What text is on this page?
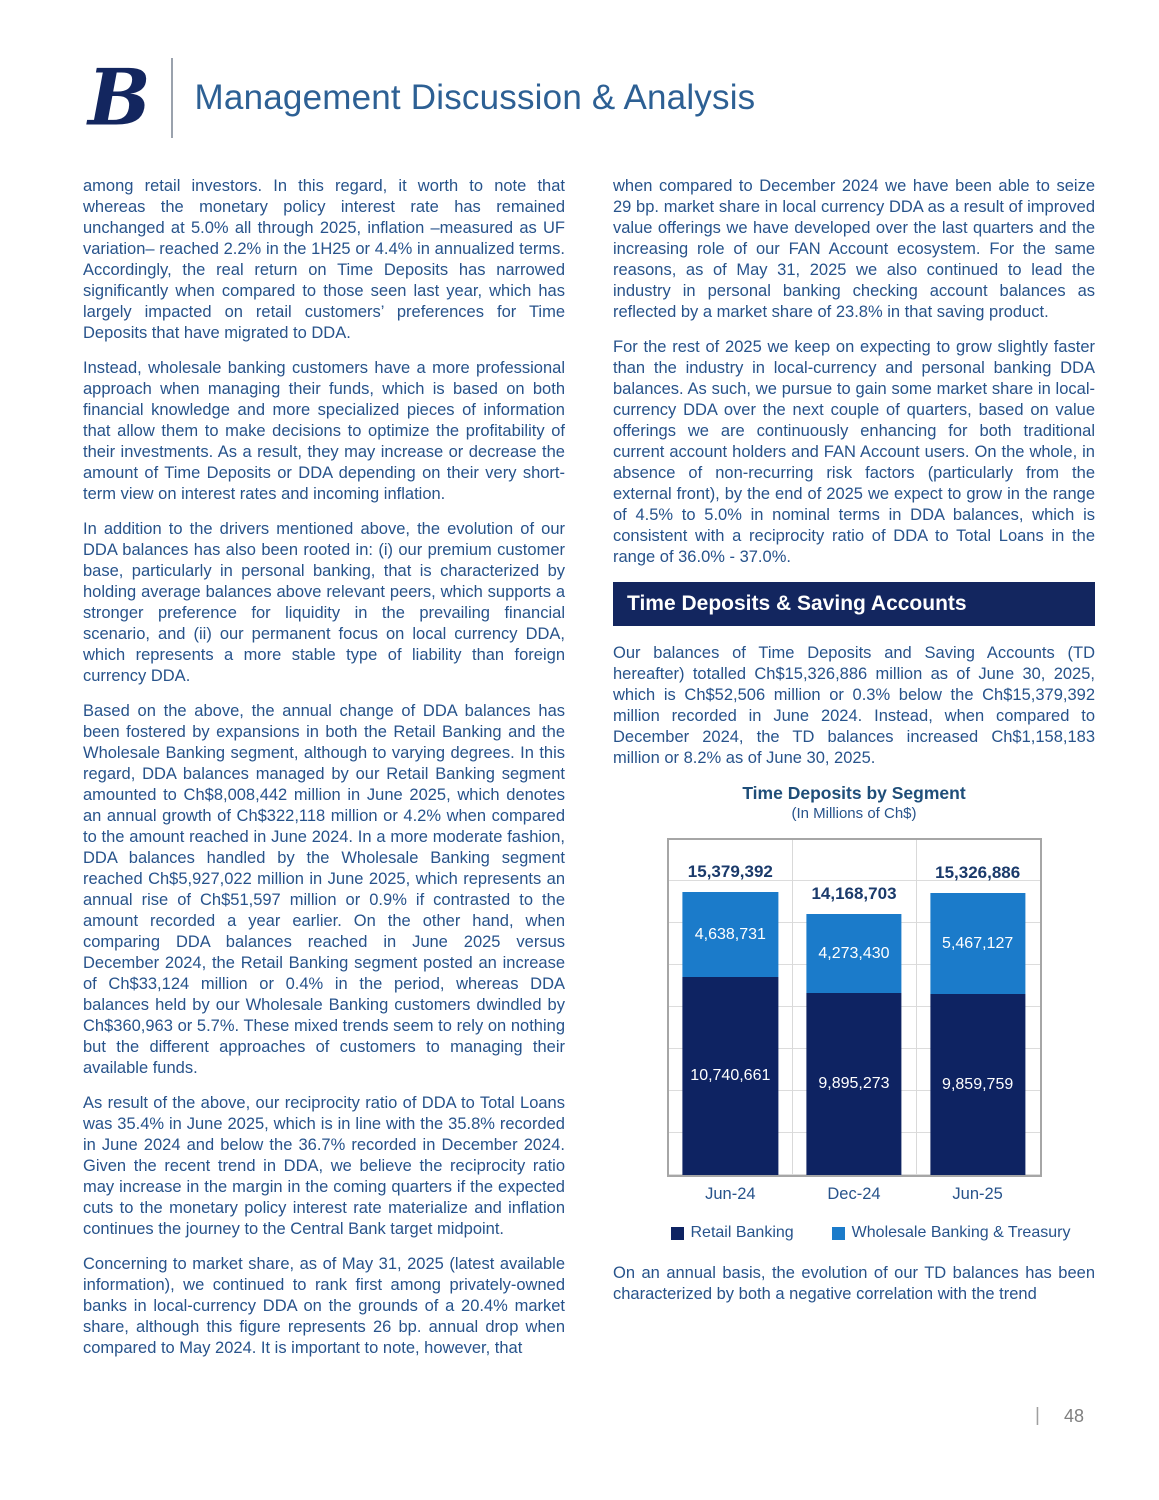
B	Management Discussion & Analysis

among retail investors. In this regard, it worth to note that whereas the monetary policy interest rate has remained unchanged at 5.0% all through 2025, inflation –measured as UF variation– reached 2.2% in the 1H25 or 4.4% in annualized terms. Accordingly, the real return on Time Deposits has narrowed significantly when compared to those seen last year, which has largely impacted on retail customers’ preferences for Time Deposits that have migrated to DDA.

Instead, wholesale banking customers have a more professional approach when managing their funds, which is based on both financial knowledge and more specialized pieces of information that allow them to make decisions to optimize the profitability of their investments. As a result, they may increase or decrease the amount of Time Deposits or DDA depending on their very short-term view on interest rates and incoming inflation.

In addition to the drivers mentioned above, the evolution of our DDA balances has also been rooted in: (i) our premium customer base, particularly in personal banking, that is characterized by holding average balances above relevant peers, which supports a stronger preference for liquidity in the prevailing financial scenario, and (ii) our permanent focus on local currency DDA, which represents a more stable type of liability than foreign currency DDA.

Based on the above, the annual change of DDA balances has been fostered by expansions in both the Retail Banking and the Wholesale Banking segment, although to varying degrees. In this regard, DDA balances managed by our Retail Banking segment amounted to Ch$8,008,442 million in June 2025, which denotes an annual growth of Ch$322,118 million or 4.2% when compared to the amount reached in June 2024. In a more moderate fashion, DDA balances handled by the Wholesale Banking segment reached Ch$5,927,022 million in June 2025, which represents an annual rise of Ch$51,597 million or 0.9% if contrasted to the amount recorded a year earlier. On the other hand, when comparing DDA balances reached in June 2025 versus December 2024, the Retail Banking segment posted an increase of Ch$33,124 million or 0.4% in the period, whereas DDA balances held by our Wholesale Banking customers dwindled by Ch$360,963 or 5.7%. These mixed trends seem to rely on nothing but the different approaches of customers to managing their available funds.

As result of the above, our reciprocity ratio of DDA to Total Loans was 35.4% in June 2025, which is in line with the 35.8% recorded in June 2024 and below the 36.7% recorded in December 2024. Given the recent trend in DDA, we believe the reciprocity ratio may increase in the margin in the coming quarters if the expected cuts to the monetary policy interest rate materialize and inflation continues the journey to the Central Bank target midpoint.

Concerning to market share, as of May 31, 2025 (latest available information), we continued to rank first among privately-owned banks in local-currency DDA on the grounds of a 20.4% market share, although this figure represents 26 bp. annual drop when compared to May 2024. It is important to note, however, that

when compared to December 2024 we have been able to seize 29 bp. market share in local currency DDA as a result of improved value offerings we have developed over the last quarters and the increasing role of our FAN Account ecosystem. For the same reasons, as of May 31, 2025 we also continued to lead the industry in personal banking checking account balances as reflected by a market share of 23.8% in that saving product.

For the rest of 2025 we keep on expecting to grow slightly faster than the industry in local-currency and personal banking DDA balances. As such, we pursue to gain some market share in local-currency DDA over the next couple of quarters, based on value offerings we are continuously enhancing for both traditional current account holders and FAN Account users. On the whole, in absence of non-recurring risk factors (particularly from the external front), by the end of 2025 we expect to grow in the range of 4.5% to 5.0% in nominal terms in DDA balances, which is consistent with a reciprocity ratio of DDA to Total Loans in the range of 36.0% - 37.0%.

Time Deposits & Saving Accounts

Our balances of Time Deposits and Saving Accounts (TD hereafter) totalled Ch$15,326,886 million as of June 30, 2025, which is Ch$52,506 million or 0.3% below the Ch$15,379,392 million recorded in June 2024. Instead, when compared to December 2024, the TD balances increased Ch$1,158,183 million or 8.2% as of June 30, 2025.

Time Deposits by Segment
(In Millions of Ch$)
15,379,392
4,638,731
10,740,661
14,168,703
4,273,430
9,895,273
15,326,886
5,467,127
9,859,759
Jun-24	Dec-24	Jun-25
Retail Banking	Wholesale Banking & Treasury

On an annual basis, the evolution of our TD balances has been characterized by both a negative correlation with the trend

| 48
